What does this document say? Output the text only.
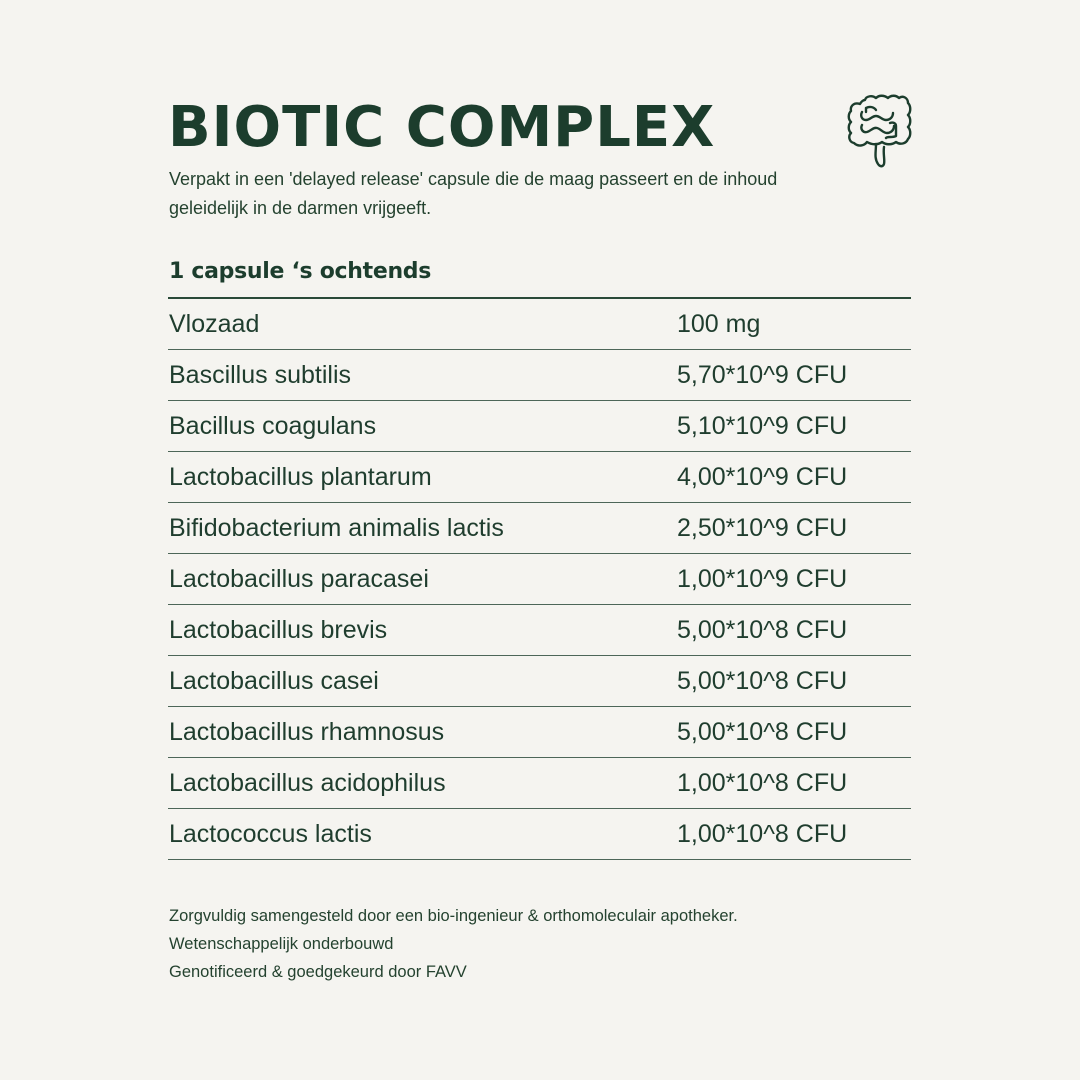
BIOTIC COMPLEX

Verpakt in een 'delayed release' capsule die de maag passeert en de inhoud geleidelijk in de darmen vrijgeeft.

1 capsule ‘s ochtends

Vlozaad	100 mg
Bascillus subtilis	5,70*10^9 CFU
Bacillus coagulans	5,10*10^9 CFU
Lactobacillus plantarum	4,00*10^9 CFU
Bifidobacterium animalis lactis	2,50*10^9 CFU
Lactobacillus paracasei	1,00*10^9 CFU
Lactobacillus brevis	5,00*10^8 CFU
Lactobacillus casei	5,00*10^8 CFU
Lactobacillus rhamnosus	5,00*10^8 CFU
Lactobacillus acidophilus	1,00*10^8 CFU
Lactococcus lactis	1,00*10^8 CFU
Zorgvuldig samengesteld door een bio-ingenieur & orthomoleculair apotheker.
Wetenschappelijk onderbouwd
Genotificeerd & goedgekeurd door FAVV
